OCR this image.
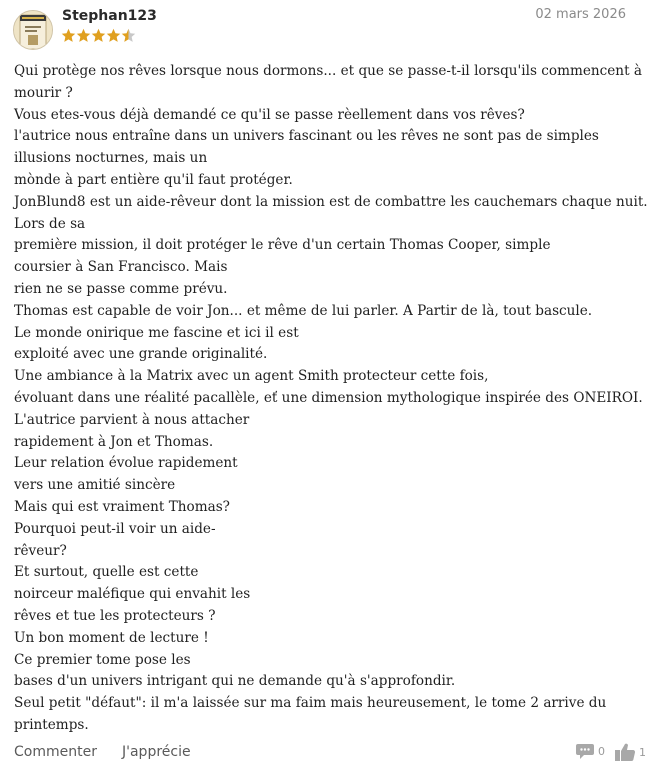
Stephan123	02 mars 2026
Qui protège nos rêves lorsque nous dormons... et que se passe-t-il lorsqu'ils commencent à
mourir ?
Vous etes-vous déjà demandé ce qu'il se passe rèellement dans vos rêves?
l'autrice nous entraîne dans un univers fascinant ou les rêves ne sont pas de simples
illusions nocturnes, mais un
mònde à part entière qu'il faut protéger.
JonBlund8 est un aide-rêveur dont la mission est de combattre les cauchemars chaque nuit.
Lors de sa
première mission, il doit protéger le rêve d'un certain Thomas Cooper, simple
coursier à San Francisco. Mais
rien ne se passe comme prévu.
Thomas est capable de voir Jon... et même de lui parler. A Partir de là, tout bascule.
Le monde onirique me fascine et ici il est
exploité avec une grande originalité.
Une ambiance à la Matrix avec un agent Smith protecteur cette fois,
évoluant dans une réalité pacallèle, eť une dimension mythologique inspirée des ONEIROI.
L'autrice parvient à nous attacher
rapidement à Jon et Thomas.
Leur relation évolue rapidement
vers une amitié sincère
Mais qui est vraiment Thomas?
Pourquoi peut-il voir un aide-
rêveur?
Et surtout, quelle est cette
noirceur maléfique qui envahit les
rêves et tue les protecteurs ?
Un bon moment de lecture !
Ce premier tome pose les
bases d'un univers intrigant qui ne demande qu'à s'approfondir.
Seul petit "défaut": il m'a laissée sur ma faim mais heureusement, le tome 2 arrive du
printemps.
Commenter J'apprécie	0	1
